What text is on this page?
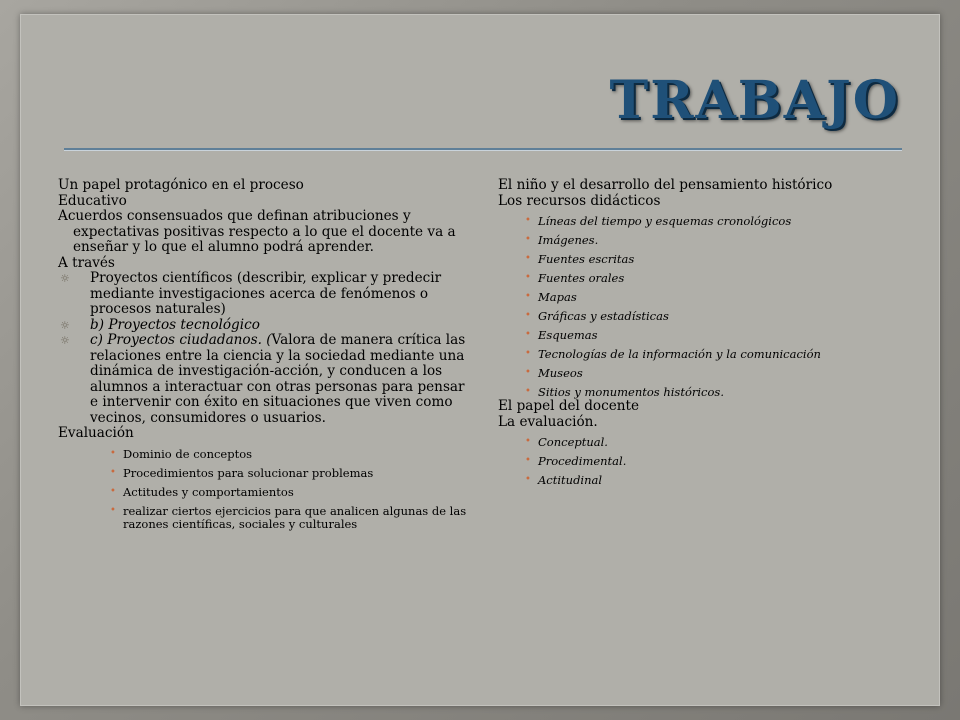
TRABAJO
Un papel protagónico en el proceso
Educativo
Acuerdos consensuados que definan atribuciones y expectativas positivas respecto a lo que el docente va a enseñar y lo que el alumno podrá aprender.
A través
☼ Proyectos científicos (describir, explicar y predecir mediante investigaciones acerca de fenómenos o procesos naturales)
☼ b) Proyectos tecnológico
☼ c) Proyectos ciudadanos. (Valora de manera crítica las relaciones entre la ciencia y la sociedad mediante una dinámica de investigación-acción, y conducen a los alumnos a interactuar con otras personas para pensar e intervenir con éxito en situaciones que viven como vecinos, consumidores o usuarios.
Evaluación
• Dominio de conceptos
• Procedimientos para solucionar problemas
• Actitudes y comportamientos
• realizar ciertos ejercicios para que analicen algunas de las razones científicas, sociales y culturales
El niño y el desarrollo del pensamiento histórico
Los recursos didácticos
• Líneas del tiempo y esquemas cronológicos
• Imágenes.
• Fuentes escritas
• Fuentes orales
• Mapas
• Gráficas y estadísticas
• Esquemas
• Tecnologías de la información y la comunicación
• Museos
• Sitios y monumentos históricos.
El papel del docente
La evaluación.
• Conceptual.
• Procedimental.
• Actitudinal
